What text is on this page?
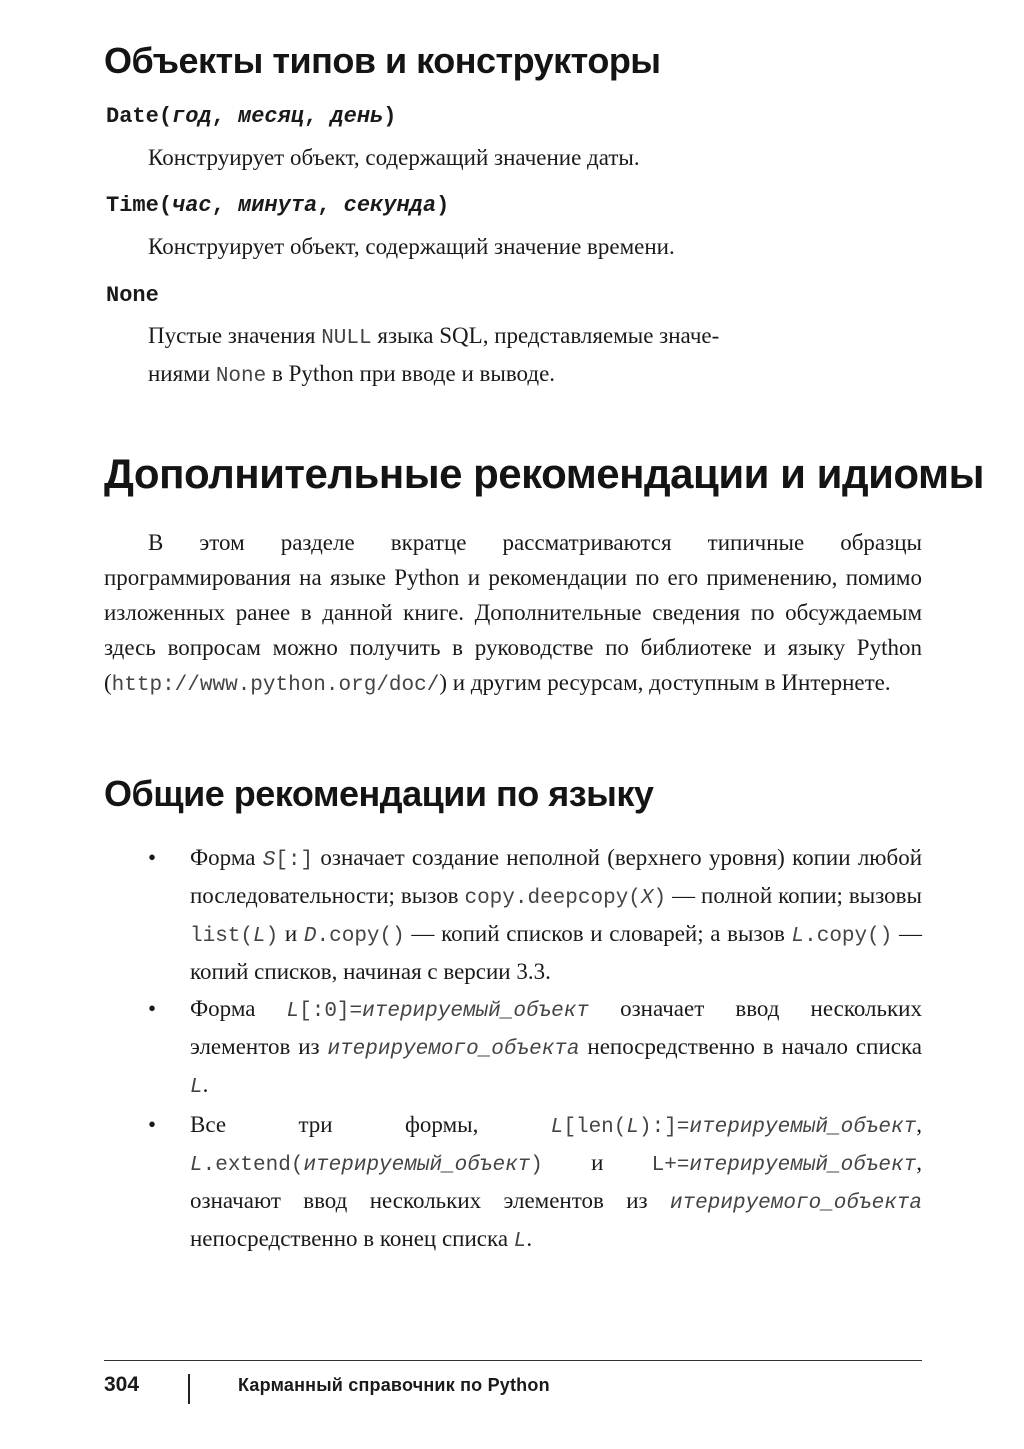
Объекты типов и конструкторы
Date(год, месяц, день)
Конструирует объект, содержащий значение даты.
Time(час, минута, секунда)
Конструирует объект, содержащий значение времени.
None
Пустые значения NULL языка SQL, представляемые значе-
ниями None в Python при вводе и выводе.
Дополнительные рекомендации и идиомы
В этом разделе вкратце рассматриваются типичные образцы программирования на языке Python и рекомендации по его применению, помимо изложенных ранее в данной книге. Дополнительные сведения по обсуждаемым здесь вопросам можно получить в руководстве по библиотеке и языку Python (http://www.python.org/doc/) и другим ресурсам, доступным в Интернете.
Общие рекомендации по языку
• Форма S[:] означает создание неполной (верхнего уровня) копии любой последовательности; вызов copy.deepcopy(X) — полной копии; вызовы list(L) и D.copy() — копий списков и словарей; а вызов L.copy() — копий списков, начиная с версии 3.3.
• Форма L[:0]=итерируемый_объект означает ввод нескольких элементов из итерируемого_объекта непосредственно в начало списка L.
• Все три формы, L[len(L):]=итерируемый_объект, L.extend(итерируемый_объект) и L+=итерируемый_объект, означают ввод нескольких элементов из итерируемого_объекта непосредственно в конец списка L.
304	Карманный справочник по Python
